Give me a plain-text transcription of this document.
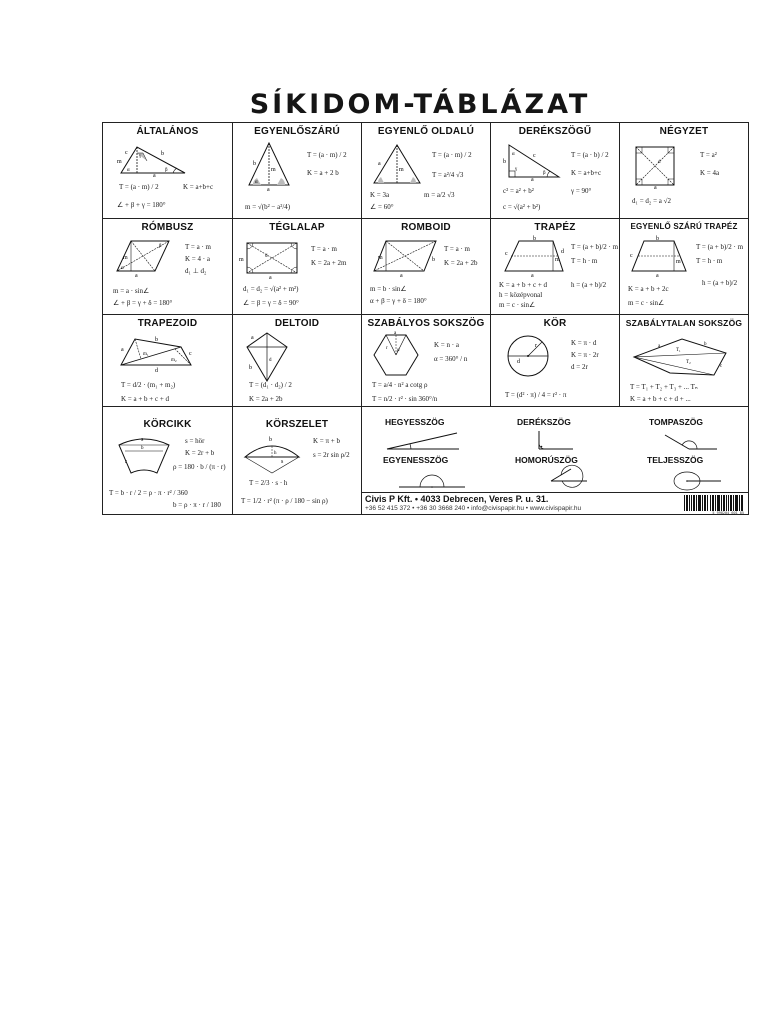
SÍKIDOM-TÁBLÁZAT
ÁLTALÁNOS
m
c
α	β
γ
a
b
T = (a · m) / 2	K = a+b+c
∠ + β + γ = 180°
EGYENLŐSZÁRÚ
b
m
α
a
T = (a · m) / 2
K = a + 2 b
m = √(b² − a²/4)
EGYENLŐ OLDALÚ
a
m
T = (a · m) / 2
T = a²/4 √3
K = 3a	m = a/2 √3
∠ = 60°
DERÉKSZÖGŰ
b
c
a
α
β
γ
T = (a · b) / 2
K = a+b+c
c² = a² + b²	γ = 90°
c = √(a² + b²)
NÉGYZET
a
d
T = a²
K = 4a
d₁ = d₂ = a √2
RÓMBUSZ
m
a
α
β	T = a · m
K = 4 · a
d₁ ⊥ d₂
m = a · sin∠
∠ + β = γ + δ = 180°
TÉGLALAP
m
a
d
T = a · m
K = 2a + 2m
d₁ = d₂ = √(a² + m²)
∠ = β = γ = δ = 90°
ROMBOID
m
a
b
T = a · m
K = 2a + 2b
m = b · sin∠
α + β = γ + δ = 180°
TRAPÉZ
c
m
d
a
b
T = (a + b)/2 · m
T = h · m
K = a + b + c + d	h = (a + b)/2
h = középvonal
m = c · sin∠
EGYENLŐ SZÁRÚ TRAPÉZ
c
m
a
b
T = (a + b)/2 · m
T = h · m
K = a + b + 2c
h = (a + b)/2
m = c · sin∠
TRAPEZOID
a
b
c
d
m₁
m₂
T = d/2 · (m₁ + m₂)
K = a + b + c + d
DELTOID
a
b
d
T = (d₁ · d₂) / 2
K = 2a + 2b
SZABÁLYOS SOKSZÖG
a
ρ
r	K = n · a
α = 360° / n
T = a/4 · n² a cotg ρ
T = n/2 · r² · sin 360°/n
KÖR
r
d
K = π · d
K = π · 2r
d = 2r
T = (d² · π) / 4 = r² · π
SZABÁLYTALAN SOKSZÖG
a	b
c
T₁
T₂
T = T₁ + T₂ + T₃ + ... Tₙ
K = a + b + c + d + ...
KÖRCIKK
s
b
r
s = hör
K = 2r + b
ρ = 180 · b / (π · r)
T = b · r / 2 = ρ · π · r² / 360
b = ρ · π · r / 180
KÖRSZELET
b
s
h
K = π + b
s = 2r sin ρ/2
T = 2/3 · s · h
T = 1/2 · r² (π · ρ / 180 − sin ρ)
HEGYESSZÖG	DERÉKSZÖG	TOMPASZÖG
EGYENESSZÖG	HOMORÚSZÖG	TELJESSZÖG
Civis P Kft. • 4033 Debrecen, Veres P. u. 31.
+36 52 415 372 • +36 30 3668 240 • info@civispapir.hu • www.civispapir.hu
5 998204 601 85
